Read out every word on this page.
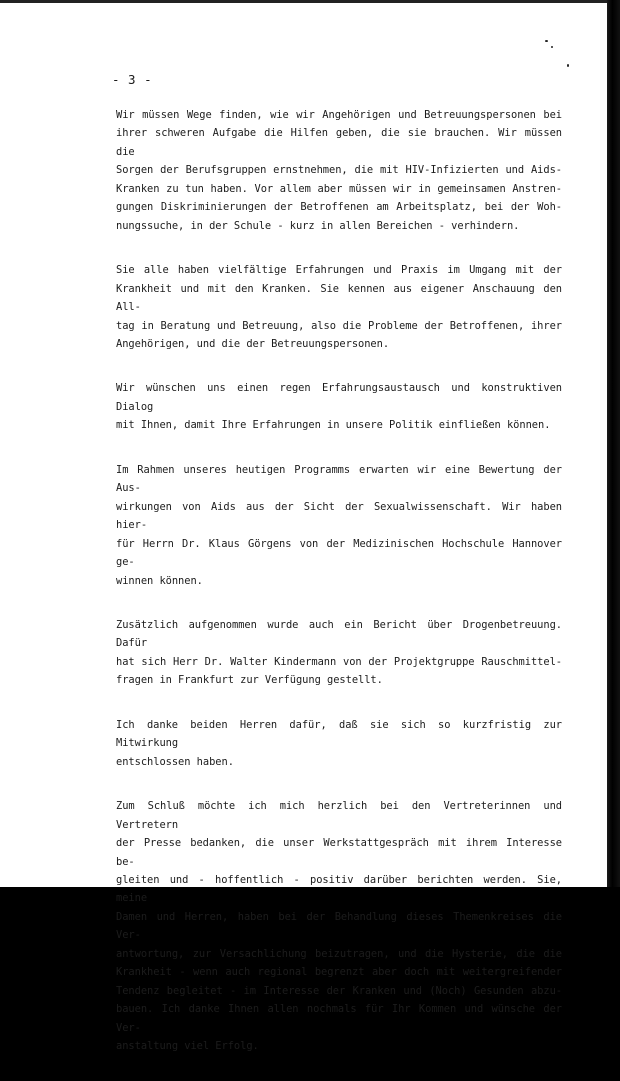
- 3 -
Wir müssen Wege finden, wie wir Angehörigen und Betreuungspersonen bei
ihrer schweren Aufgabe die Hilfen geben, die sie brauchen. Wir müssen die
Sorgen der Berufsgruppen ernstnehmen, die mit HIV-Infizierten und Aids-
Kranken zu tun haben. Vor allem aber müssen wir in gemeinsamen Anstren-
gungen Diskriminierungen der Betroffenen am Arbeitsplatz, bei der Woh-
nungssuche, in der Schule - kurz in allen Bereichen - verhindern.
Sie alle haben vielfältige Erfahrungen und Praxis im Umgang mit der
Krankheit und mit den Kranken. Sie kennen aus eigener Anschauung den All-
tag in Beratung und Betreuung, also die Probleme der Betroffenen, ihrer
Angehörigen, und die der Betreuungspersonen.
Wir wünschen uns einen regen Erfahrungsaustausch und konstruktiven Dialog
mit Ihnen, damit Ihre Erfahrungen in unsere Politik einfließen können.
Im Rahmen unseres heutigen Programms erwarten wir eine Bewertung der Aus-
wirkungen von Aids aus der Sicht der Sexualwissenschaft. Wir haben hier-
für Herrn Dr. Klaus Görgens von der Medizinischen Hochschule Hannover ge-
winnen können.
Zusätzlich aufgenommen wurde auch ein Bericht über Drogenbetreuung. Dafür
hat sich Herr Dr. Walter Kindermann von der Projektgruppe Rauschmittel-
fragen in Frankfurt zur Verfügung gestellt.
Ich danke beiden Herren dafür, daß sie sich so kurzfristig zur Mitwirkung
entschlossen haben.
Zum Schluß möchte ich mich herzlich bei den Vertreterinnen und Vertretern
der Presse bedanken, die unser Werkstattgespräch mit ihrem Interesse be-
gleiten und - hoffentlich - positiv darüber berichten werden. Sie, meine
Damen und Herren, haben bei der Behandlung dieses Themenkreises die Ver-
antwortung, zur Versachlichung beizutragen, und die Hysterie, die die
Krankheit - wenn auch regional begrenzt aber doch mit weitergreifender
Tendenz begleitet - im Interesse der Kranken und (Noch) Gesunden abzu-
bauen. Ich danke Ihnen allen nochmals für Ihr Kommen und wünsche der Ver-
anstaltung viel Erfolg.
